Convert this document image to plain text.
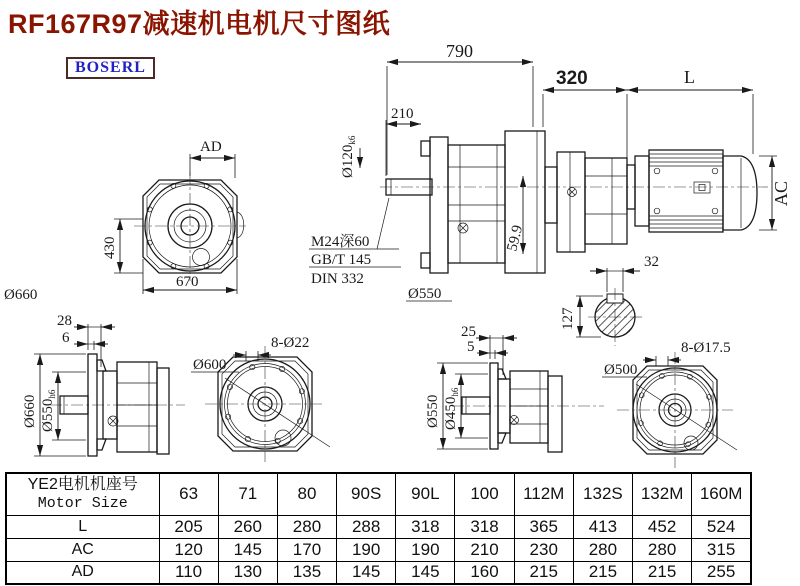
AD
430
670
790
210
320	L
AC
$Ø120_{k6}$
59.9
M24深60
GB/T 145
DIN 332
Ø550
Ø660
32
127
28
6
Ø660 $Ø550_{h6}$
Ø600
8-Ø22
25
5
Ø550 $Ø450_{h6}$
Ø500
8-Ø17.5
RF167R97减速机电机尺寸图纸
BOSERL
YE2电机机座号
Motor Size	63	71	80	90S	90L	100	112M	132S	132M	160M
L	205	260	280	288	318	318	365	413	452	524
AC	120	145	170	190	190	210	230	280	280	315
AD	110	130	135	145	145	160	215	215	215	255
